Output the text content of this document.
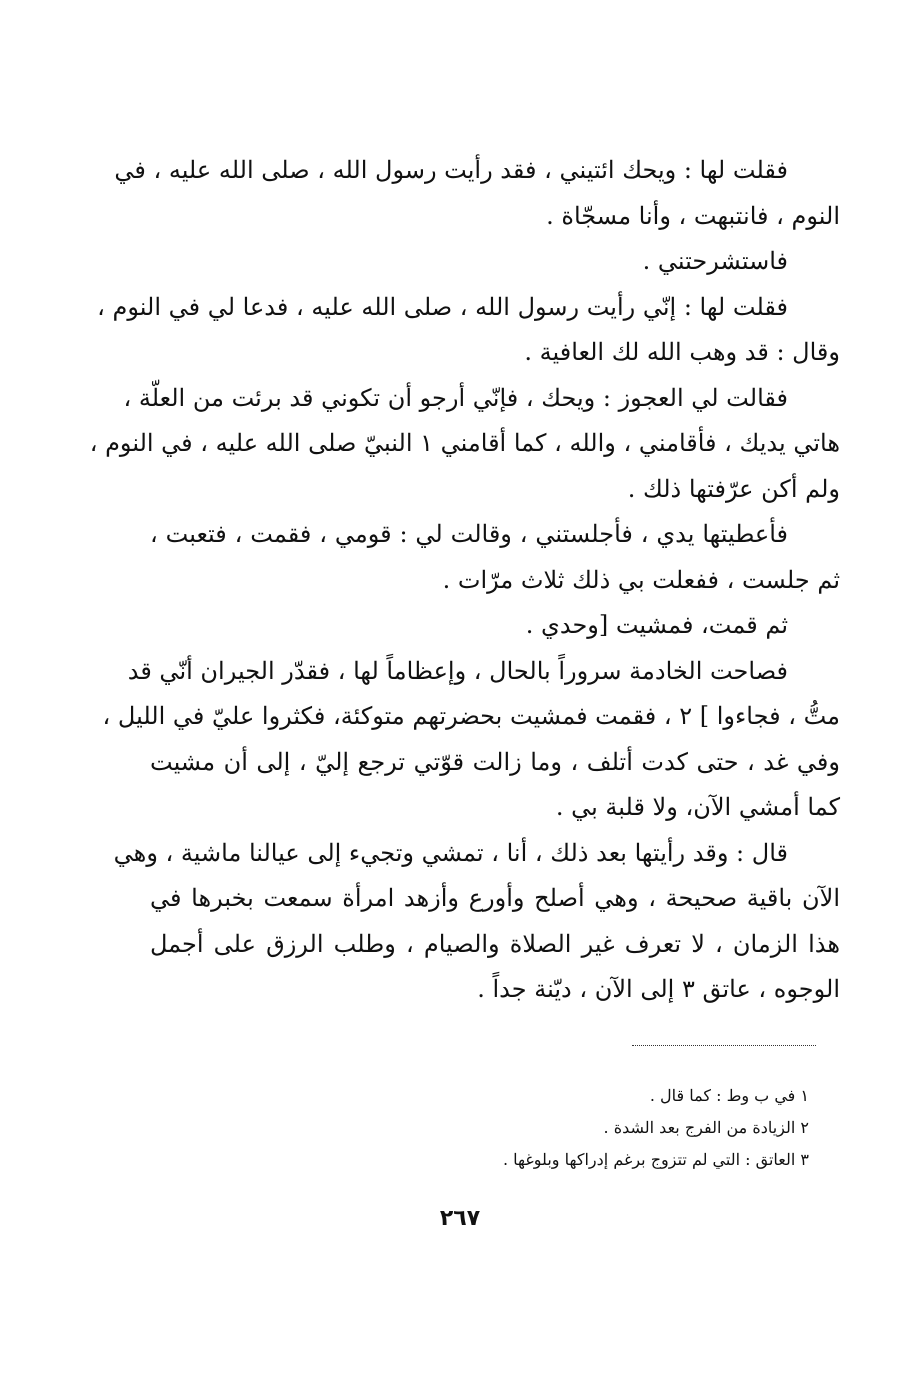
فقلت لها : ويحك ائتيني ، فقد رأيت رسول الله ، صلى الله عليه ، في
النوم ، فانتبهت ، وأنا مسجّاة .
فاستشرحتني .
فقلت لها : إنّي رأيت رسول الله ، صلى الله عليه ، فدعا لي في النوم ،
وقال : قد وهب الله لك العافية .
فقالت لي العجوز : ويحك ، فإنّي أرجو أن تكوني قد برئت من العلّة ،
هاتي يديك ، فأقامني ، والله ، كما أقامني ١ النبيّ صلى الله عليه ، في النوم ،
ولم أكن عرّفتها ذلك .
فأعطيتها يدي ، فأجلستني ، وقالت لي : قومي ، فقمت ، فتعبت ،
ثم جلست ، ففعلت بي ذلك ثلاث مرّات .
ثم قمت، فمشيت [وحدي .
فصاحت الخادمة سروراً بالحال ، وإعظاماً لها ، فقدّر الجيران أنّي قد
متُّ ، فجاءوا ] ٢ ، فقمت فمشيت بحضرتهم متوكئة، فكثروا عليّ في الليل ،
وفي غد ، حتى كدت أتلف ، وما زالت قوّتي ترجع إليّ ، إلى أن مشيت
كما أمشي الآن، ولا قلبة بي .
قال : وقد رأيتها بعد ذلك ، أنا ، تمشي وتجيء إلى عيالنا ماشية ، وهي
الآن باقية صحيحة ، وهي أصلح وأورع وأزهد امرأة سمعت بخبرها في
هذا الزمان ، لا تعرف غير الصلاة والصيام ، وطلب الرزق على أجمل
الوجوه ، عاتق ٣ إلى الآن ، ديّنة جداً .
١ في ب وط : كما قال .
٢ الزيادة من الفرج بعد الشدة .
٣ العاتق : التي لم تتزوج برغم إدراكها وبلوغها .
٢٦٧
